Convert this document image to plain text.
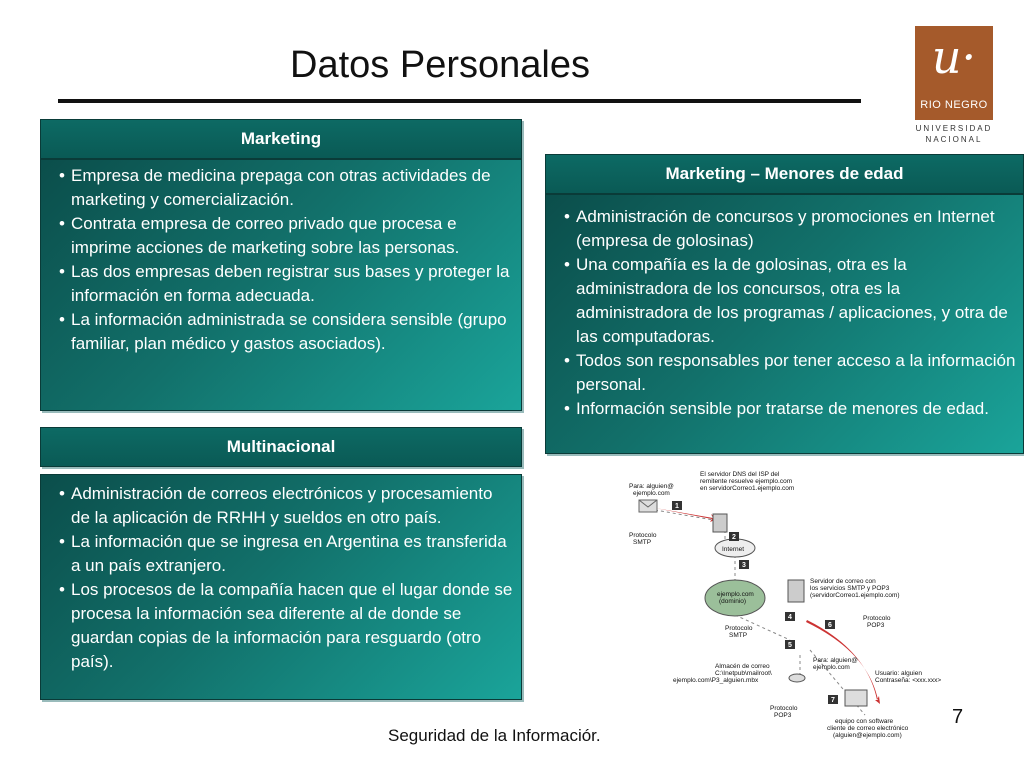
Datos Personales	u·
RIO NEGRO
UNIVERSIDAD
NACIONAL
Marketing
• Empresa de medicina prepaga con otras actividades de marketing y comercialización.
• Contrata empresa de correo privado que procesa e imprime acciones de marketing sobre las personas.
• Las dos empresas deben registrar sus bases y proteger la información en forma adecuada.
• La información administrada se considera sensible (grupo familiar, plan médico y gastos asociados).
Marketing – Menores de edad
• Administración de concursos y promociones en Internet (empresa de golosinas)
• Una compañía es la de golosinas, otra es la administradora de los concursos, otra es la administradora de los programas / aplicaciones, y otra de las computadoras.
• Todos son responsables por tener acceso a la información personal.
• Información sensible por tratarse de menores de edad.
Multinacional
• Administración de correos electrónicos y procesamiento de la aplicación de RRHH y sueldos en otro país.
• La información que se ingresa en Argentina es transferida a un país extranjero.
• Los procesos de la compañía hacen que el lugar donde se procesa la información sea diferente al de donde se guardan copias de la información para resguardo (otro país).
Para: alguien@
ejemplo.com
El servidor DNS del ISP del
remitente resuelve ejemplo.com
en servidorCorreo1.ejemplo.com
Protocolo
SMTP
Internet
ejemplo.com
(dominio)
Servidor de correo con
los servicios SMTP y POP3
(servidorCorreo1.ejemplo.com)
Protocolo
SMTP
Protocolo
POP3
Almacén de correo
C:\Inetpub\mailroot\
ejemplo.com\P3_alguien.mbx
Para: alguien@
ejemplo.com
Usuario: alguien
Contraseña: <xxx.xxx>
Protocolo
POP3
equipo con software
cliente de correo electrónico
(alguien@ejemplo.com)
1
2
3
4
5
6
7
Seguridad de la Informaciór.
7
